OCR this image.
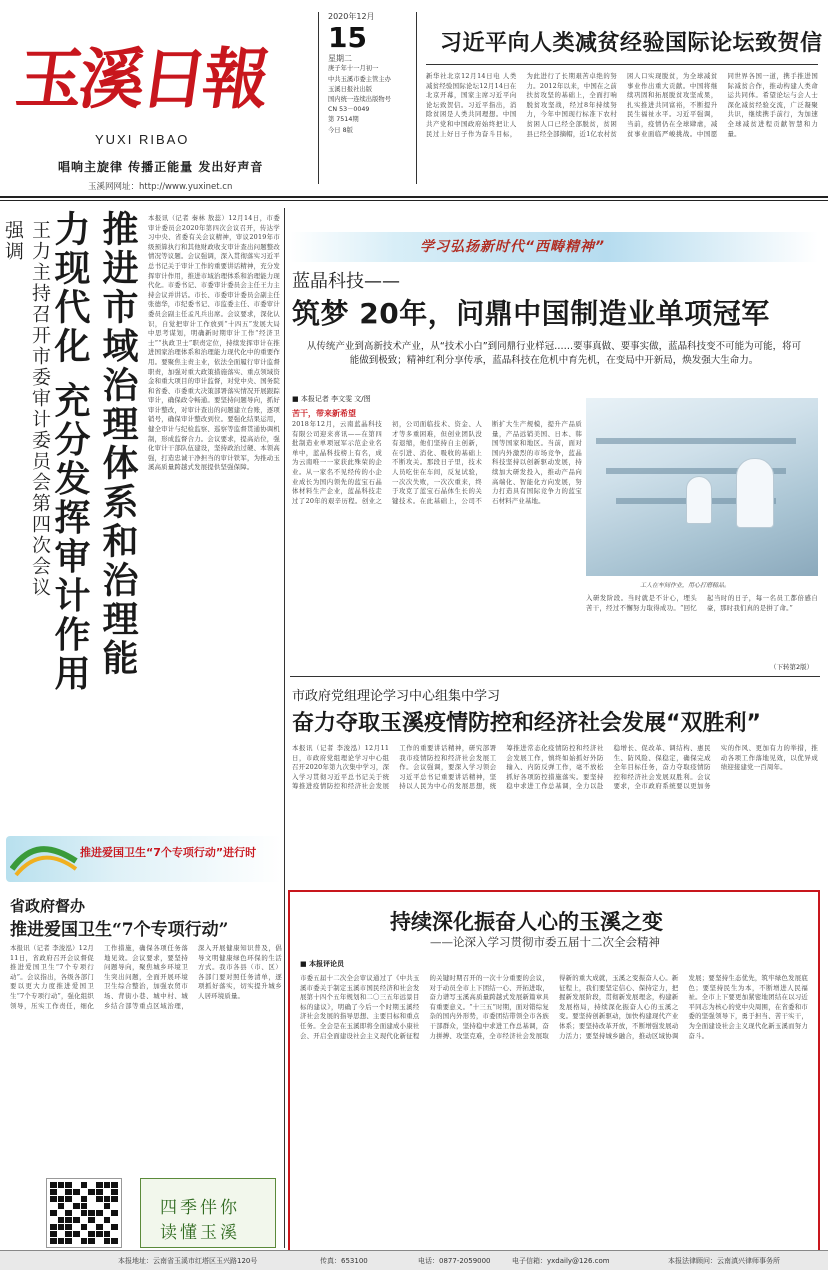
玉溪日報
YUXI RIBAO
唱响主旋律 传播正能量 发出好声音
玉溪网网址：http://www.yuxinet.cn
2020年12月
15
星期二
庚子年十一月初一
中共玉溪市委主管主办
玉溪日报社出版
国内统一连续出版物号
CN 53－0049
第 7514期
今日 8版
习近平向人类减贫经验国际论坛致贺信
新华社北京12月14日电 人类减贫经验国际论坛12月14日在北京开幕，国家主席习近平向论坛致贺信。习近平指出，消除贫困是人类共同理想。中国共产党和中国政府始终把让人民过上好日子作为奋斗目标，为此进行了长期艰苦卓绝的努力。2012年以来，中国在之前扶贫攻坚的基础上，全面打响脱贫攻坚战，经过8年持续努力，今年中国现行标准下农村贫困人口已经全部脱贫，贫困县已经全部摘帽，近1亿农村贫困人口实现脱贫，为全球减贫事业作出重大贡献。中国将继续巩固和拓展脱贫攻坚成果，扎实推进共同富裕，不断提升民生福祉水平。习近平强调，当前，疫情仍在全球肆虐，减贫事业面临严峻挑战。中国愿同世界各国一道，携手推进国际减贫合作，推动构建人类命运共同体。希望论坛与会人士深化减贫经验交流，广泛凝聚共识，继续携手前行，为加速全球减贫进程贡献智慧和力量。
王力主持召开市委审计委员会第四次会议强调	推进市域治理体系和治理能力现代化 充分发挥审计作用	本报讯（记者 秦林 敖蕊）12月14日，市委审计委员会2020年第四次会议召开，传达学习中央、省委有关会议精神，审议2019年市级预算执行和其他财政收支审计查出问题整改情况等议题。会议强调，深入贯彻落实习近平总书记关于审计工作的重要讲话精神，充分发挥审计作用，推进市域治理体系和治理能力现代化。市委书记、市委审计委员会主任王力主持会议并讲话。市长、市委审计委员会副主任张德华，市纪委书记、市监委主任、市委审计委员会副主任孟凡兵出席。会议要求，深化认识，自觉把审计工作放到“十四五”发展大局中思考谋划，明确新时期审计工作“经济卫士”“执政卫士”职责定位，持续发挥审计在推进国家治理体系和治理能力现代化中的重要作用。要聚焦主责主业，依法全面履行审计监督职责，加强对重大政策措施落实、重点领域资金和重大项目的审计监督，对党中央、国务院和省委、市委重大决策部署落实情况开展跟踪审计，确保政令畅通。要坚持问题导向，抓好审计整改，对审计查出的问题建立台账，逐项销号，确保审计整改到位。要强化结果运用，健全审计与纪检监察、巡察等监督贯通协调机制，形成监督合力。会议要求，提高站位，强化审计干部队伍建设，坚持政治过硬、本领高强，打造忠诚干净担当的审计铁军，为推动玉溪高质量跨越式发展提供坚强保障。
推进爱国卫生“7个专项行动”进行时
省政府督办
推进爱国卫生“7个专项行动”
本报讯（记者 李浚泓）12月11日，省政府召开会议督促推进爱国卫生“7个专项行动”。会议指出，各级各部门要以更大力度推进爱国卫生“7个专项行动”，强化组织领导，压实工作责任，细化工作措施，确保各项任务落地见效。会议要求，要坚持问题导向，聚焦城乡环境卫生突出问题，全面开展环境卫生综合整治，加强农贸市场、背街小巷、城中村、城乡结合部等重点区域治理，深入开展健康知识普及，倡导文明健康绿色环保的生活方式。我市各县（市、区）各部门要对照任务清单，逐项抓好落实，切实提升城乡人居环境质量。
四季伴你
读懂玉溪
学习弘扬新时代“西畴精神”
蓝晶科技——
筑梦 20年，问鼎中国制造业单项冠军
从传统产业到高新技术产业，从“技术小白”到同鼎行业样冠……要事真做、要事实做，蓝晶科技变不可能为可能，将可能做到极致；精神红利分享传承，蓝晶科技在危机中育先机，在变局中开新局，焕发强大生命力。
■ 本报记者 李文雯 文/图
2018年12月，云南蓝晶科技有限公司迎来喜讯——在第四批制造业单项冠军示范企业名单中，蓝晶科技榜上有名，成为云南唯一一家获此殊荣的企业。从一家名不见经传的小企业成长为国内领先的蓝宝石晶体材料生产企业，蓝晶科技走过了20年的艰辛历程。创业之初，公司面临技术、资金、人才等多重困难，但创业团队没有退缩，他们坚持自主创新，在引进、消化、吸收的基础上不断攻关。那段日子里，技术人员吃住在车间，反复试验，一次次失败，一次次重来，终于攻克了蓝宝石晶体生长的关键技术。在此基础上，公司不断扩大生产规模，提升产品质量，产品远销美国、日本、韩国等国家和地区。当前，面对国内外激烈的市场竞争，蓝晶科技坚持以创新驱动发展，持续加大研发投入，推动产品向高端化、智能化方向发展，努力打造具有国际竞争力的蓝宝石材料产业基地。
苦干，带来新希望
工人在车间作业，用心打磨精品。
入研发阶段。当时就是不计心，埋头苦干，经过不懈努力取得成功。“回忆起当时的日子，每一名员工都倍感自豪，那时我们真的是拼了命。”
（下转第2版）
市政府党组理论学习中心组集中学习
奋力夺取玉溪疫情防控和经济社会发展“双胜利”
本报讯（记者 李浚泓）12月11日，市政府党组理论学习中心组召开2020年第九次集中学习，深入学习贯彻习近平总书记关于统筹推进疫情防控和经济社会发展工作的重要讲话精神，研究部署我市疫情防控和经济社会发展工作。会议强调，要深入学习领会习近平总书记重要讲话精神，坚持以人民为中心的发展思想，统筹推进常态化疫情防控和经济社会发展工作，慎终如始抓好外防输入、内防反弹工作，毫不放松抓好各项防控措施落实。要坚持稳中求进工作总基调，全力以赴稳增长、促改革、调结构、惠民生、防风险、保稳定，确保完成全年目标任务，奋力夺取疫情防控和经济社会发展双胜利。会议要求，全市政府系统要以更加务实的作风、更加有力的举措，推动各项工作落地见效，以优异成绩迎接建党一百周年。
持续深化振奋人心的玉溪之变
——论深入学习贯彻市委五届十二次全会精神
■ 本报评论员
市委五届十二次全会审议通过了《中共玉溪市委关于制定玉溪市国民经济和社会发展第十四个五年规划和二〇三五年远景目标的建议》，明确了今后一个时期玉溪经济社会发展的指导思想、主要目标和重点任务。全会是在玉溪即将全面建成小康社会、开启全面建设社会主义现代化新征程的关键时期召开的一次十分重要的会议，对于动员全市上下团结一心、开拓进取，奋力谱写玉溪高质量跨越式发展新篇章具有重要意义。“十三五”时期，面对错综复杂的国内外形势，市委团结带领全市各族干部群众，坚持稳中求进工作总基调，奋力拼搏、攻坚克难，全市经济社会发展取得新的重大成就，玉溪之变振奋人心。新征程上，我们要坚定信心、保持定力，把握新发展阶段，贯彻新发展理念，构建新发展格局，持续深化振奋人心的玉溪之变。要坚持创新驱动，加快构建现代产业体系；要坚持改革开放，不断增强发展动力活力；要坚持城乡融合，推动区域协调发展；要坚持生态优先，筑牢绿色发展底色；要坚持民生为本，不断增进人民福祉。全市上下要更加紧密地团结在以习近平同志为核心的党中央周围，在省委和市委的坚强领导下，勇于担当、苦干实干，为全面建设社会主义现代化新玉溪而努力奋斗。
本报地址：云南省玉溪市红塔区玉兴路120号	传真：653100	电话：0877-2059000	电子信箱：yxdaily@126.com	本报法律顾问：云南滇兴律师事务所
